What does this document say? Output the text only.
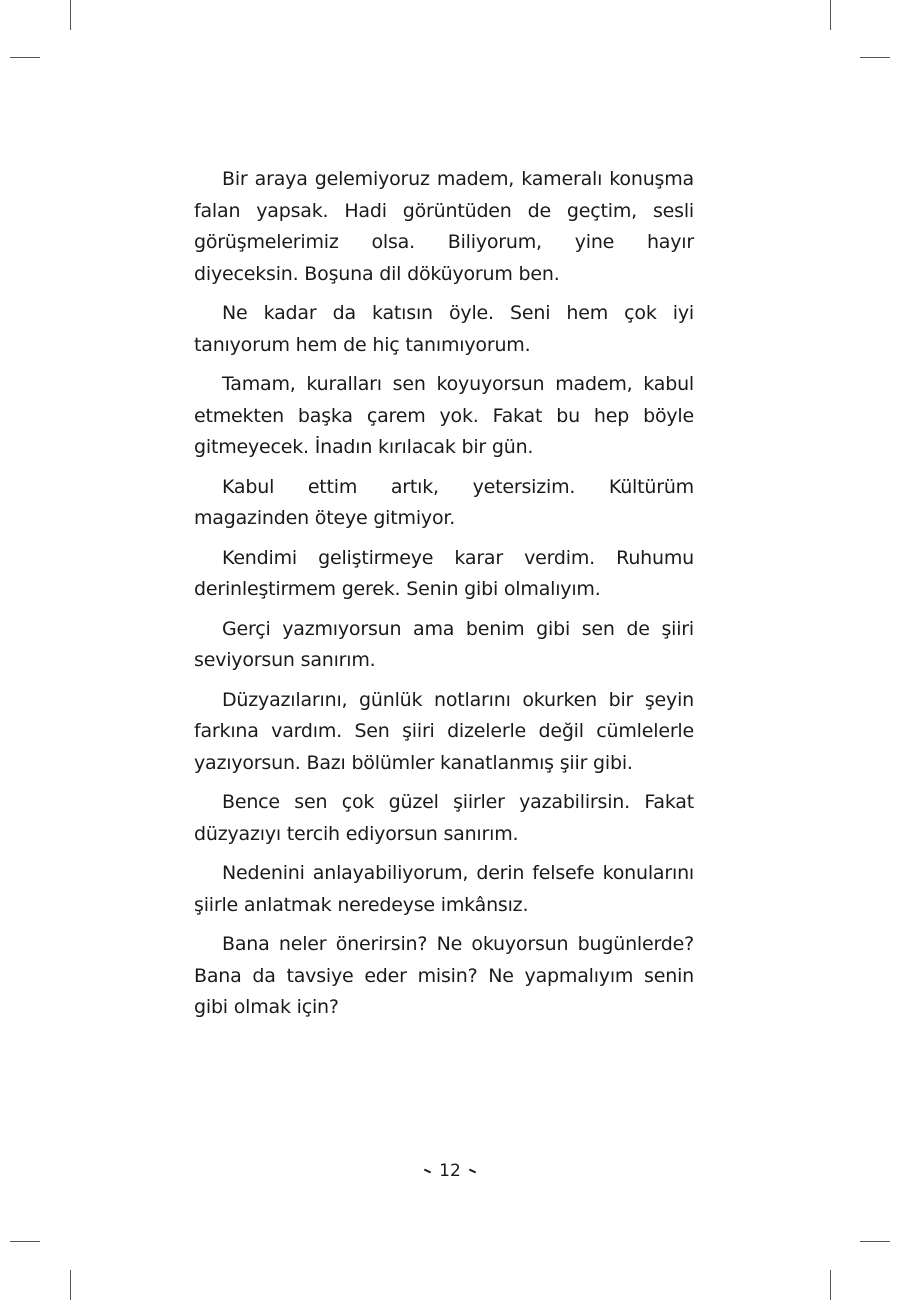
Bir araya gelemiyoruz madem, kameralı konuşma falan yapsak. Hadi görüntüden de geçtim, sesli görüşmelerimiz olsa. Biliyorum, yine hayır diyeceksin. Boşuna dil döküyorum ben.

Ne kadar da katısın öyle. Seni hem çok iyi tanıyorum hem de hiç tanımıyorum.

Tamam, kuralları sen koyuyorsun madem, kabul etmekten başka çarem yok. Fakat bu hep böyle gitmeyecek. İnadın kırılacak bir gün.

Kabul ettim artık, yetersizim. Kültürüm magazinden öteye gitmiyor.

Kendimi geliştirmeye karar verdim. Ruhumu derinleştirmem gerek. Senin gibi olmalıyım.

Gerçi yazmıyorsun ama benim gibi sen de şiiri seviyorsun sanırım.

Düzyazılarını, günlük notlarını okurken bir şeyin farkına vardım. Sen şiiri dizelerle değil cümlelerle yazıyorsun. Bazı bölümler kanatlanmış şiir gibi.

Bence sen çok güzel şiirler yazabilirsin. Fakat düzyazıyı tercih ediyorsun sanırım.

Nedenini anlayabiliyorum, derin felsefe konularını şiirle anlatmak neredeyse imkânsız.

Bana neler önerirsin? Ne okuyorsun bugünlerde? Bana da tavsiye eder misin? Ne yapmalıyım senin gibi olmak için?

12
